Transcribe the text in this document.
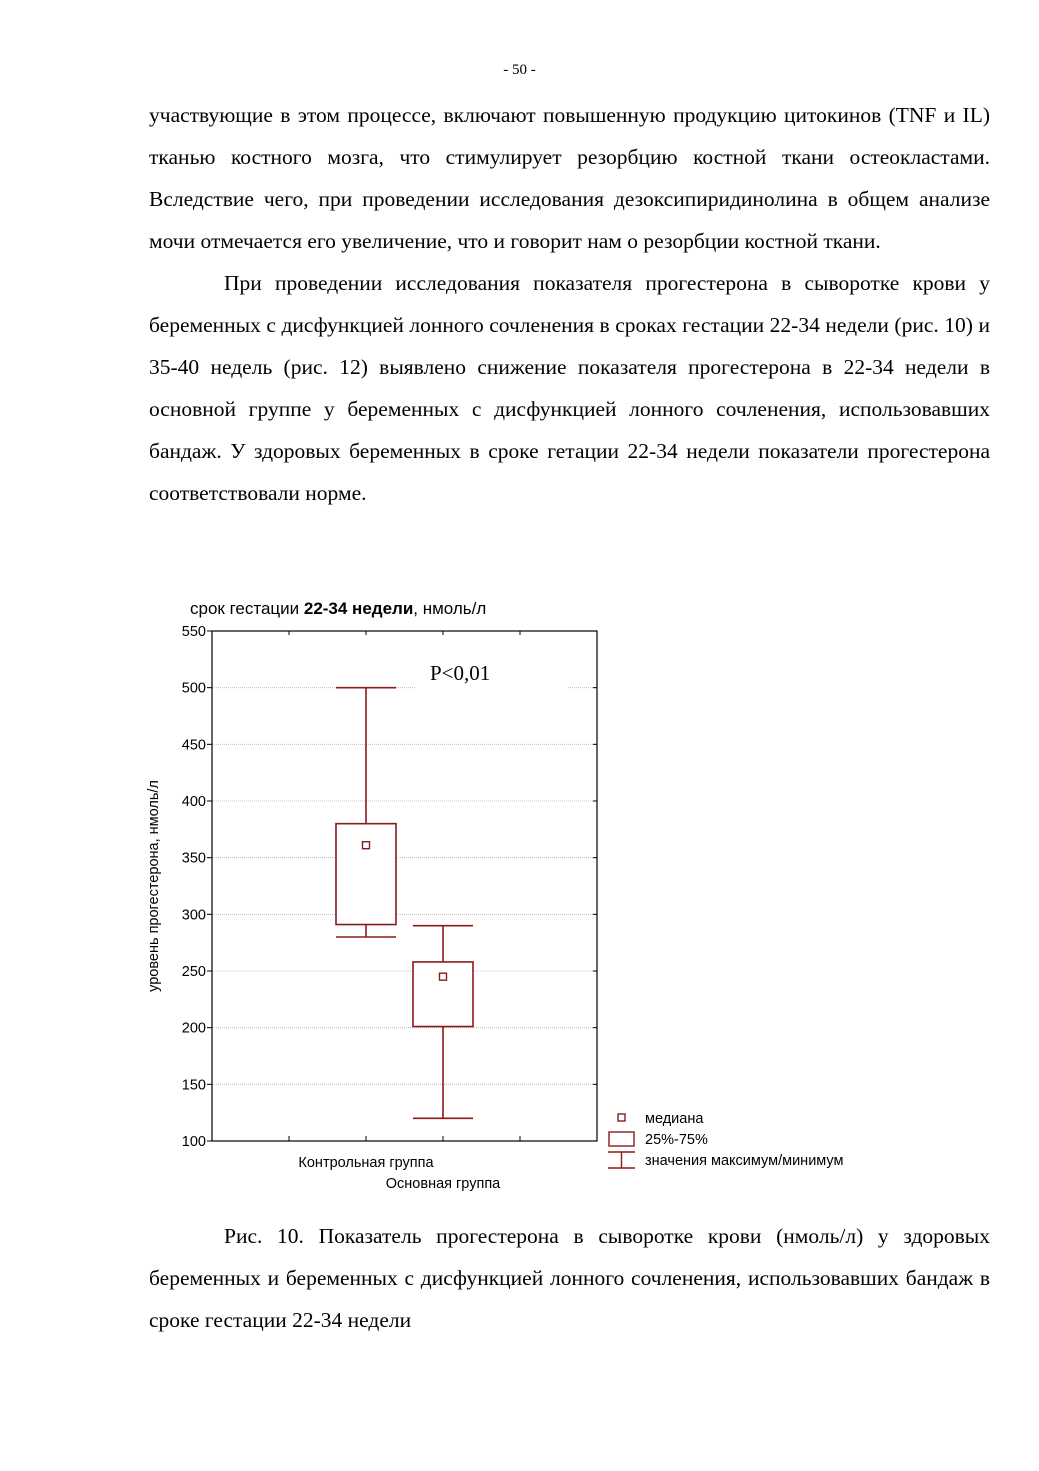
- 50 -

участвующие в этом процессе, включают повышенную продукцию цитокинов (TNF и IL) тканью костного мозга, что стимулирует резорбцию костной ткани остеокластами. Вследствие чего, при проведении исследования дезоксипиридинолина в общем анализе мочи отмечается его увеличение, что и говорит нам о резорбции костной ткани.

При проведении исследования показателя прогестерона в сыворотке крови у беременных с дисфункцией лонного сочленения в сроках гестации 22-34 недели (рис. 10) и 35-40 недель (рис. 12) выявлено снижение показателя прогестерона в 22-34 недели в основной группе у беременных с дисфункцией лонного сочленения, использовавших бандаж. У здоровых беременных в сроке гетации 22-34 недели показатели прогестерона соответствовали норме.

срок гестации 22-34 недели, нмоль/л
уровень прогестерона, нмоль/л
P<0,01
100
150
200
250
300
350
400
450
500
550
Контрольная группа
Основная группа
медиана
25%-75%
значения максимум/минимум
Рис. 10. Показатель прогестерона в сыворотке крови (нмоль/л) у здоровых беременных и беременных с дисфункцией лонного сочленения, использовавших бандаж в сроке гестации 22-34 недели
